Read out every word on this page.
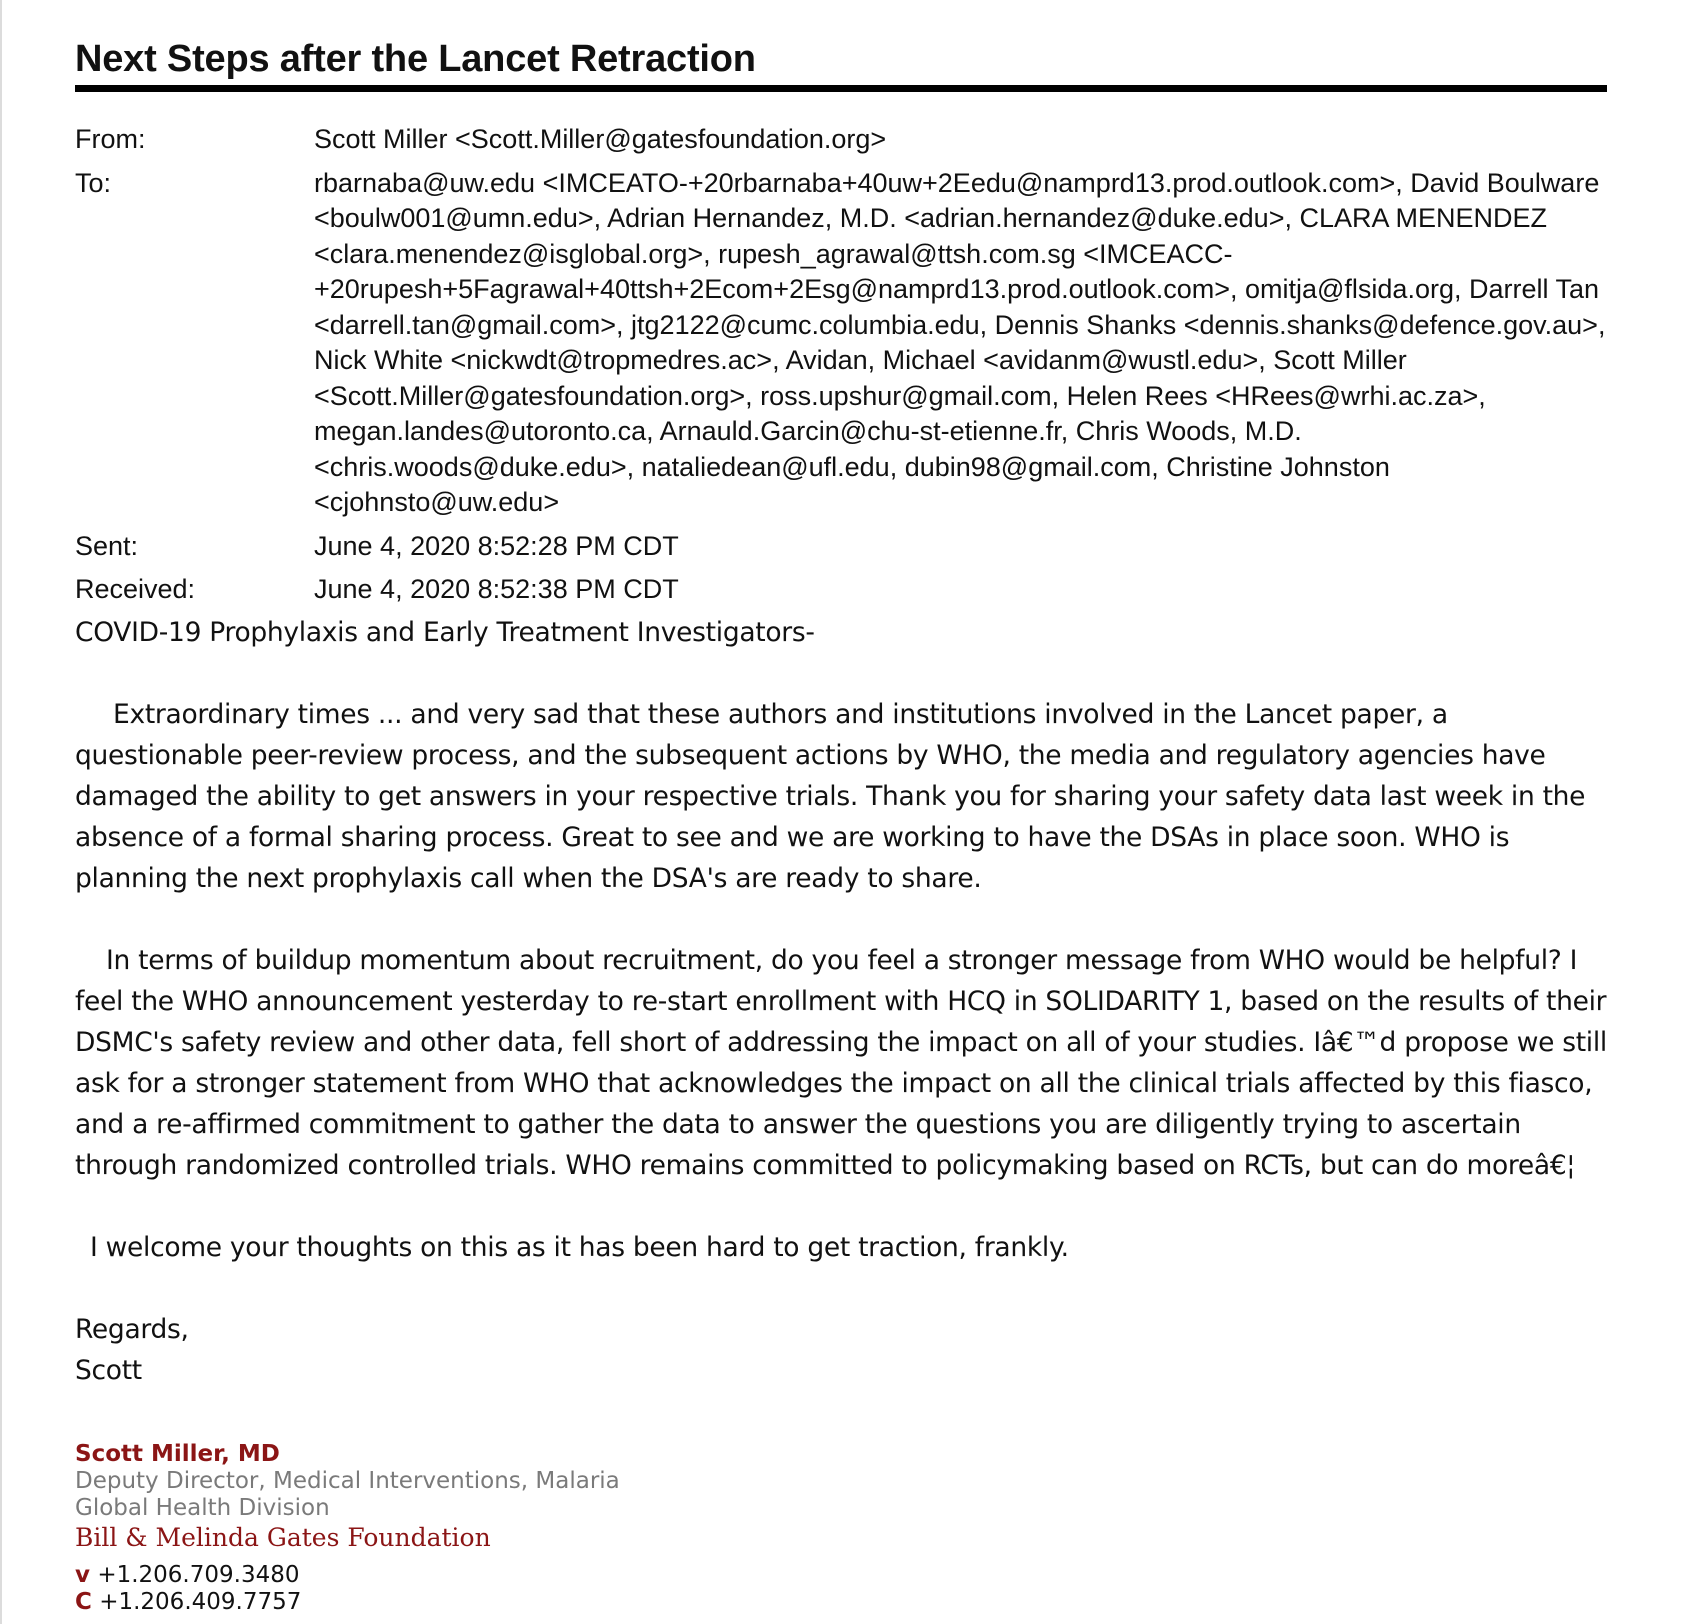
Next Steps after the Lancet Retraction
From:	Scott Miller <Scott.Miller@gatesfoundation.org>
To:	rbarnaba@uw.edu <IMCEATO-+20rbarnaba+40uw+2Eedu@namprd13.prod.outlook.com>, David Boulware <boulw001@umn.edu>, Adrian Hernandez, M.D. <adrian.hernandez@duke.edu>, CLARA MENENDEZ <clara.menendez@isglobal.org>, rupesh_agrawal@ttsh.com.sg <IMCEACC-+20rupesh+5Fagrawal+40ttsh+2Ecom+2Esg@namprd13.prod.outlook.com>, omitja@flsida.org, Darrell Tan <darrell.tan@gmail.com>, jtg2122@cumc.columbia.edu, Dennis Shanks <dennis.shanks@defence.gov.au>, Nick White <nickwdt@tropmedres.ac>, Avidan, Michael <avidanm@wustl.edu>, Scott Miller <Scott.Miller@gatesfoundation.org>, ross.upshur@gmail.com, Helen Rees <HRees@wrhi.ac.za>, megan.landes@utoronto.ca, Arnauld.Garcin@chu-st-etienne.fr, Chris Woods, M.D. <chris.woods@duke.edu>, nataliedean@ufl.edu, dubin98@gmail.com, Christine Johnston <cjohnsto@uw.edu>
Sent:	June 4, 2020 8:52:28 PM CDT
Received:	June 4, 2020 8:52:38 PM CDT

COVID-19 Prophylaxis and Early Treatment Investigators-

Extraordinary times ... and very sad that these authors and institutions involved in the Lancet paper, a questionable peer-review process, and the subsequent actions by WHO, the media and regulatory agencies have damaged the ability to get answers in your respective trials. Thank you for sharing your safety data last week in the absence of a formal sharing process. Great to see and we are working to have the DSAs in place soon. WHO is planning the next prophylaxis call when the DSA's are ready to share.

In terms of buildup momentum about recruitment, do you feel a stronger message from WHO would be helpful? I feel the WHO announcement yesterday to re-start enrollment with HCQ in SOLIDARITY 1, based on the results of their DSMC's safety review and other data, fell short of addressing the impact on all of your studies. Iâ€™d propose we still ask for a stronger statement from WHO that acknowledges the impact on all the clinical trials affected by this fiasco, and a re-affirmed commitment to gather the data to answer the questions you are diligently trying to ascertain through randomized controlled trials. WHO remains committed to policymaking based on RCTs, but can do moreâ€¦

I welcome your thoughts on this as it has been hard to get traction, frankly.

Regards,

Scott

Scott Miller, MD
Deputy Director, Medical Interventions, Malaria
Global Health Division
Bill & Melinda Gates Foundation
v +1.206.709.3480
C +1.206.409.7757
